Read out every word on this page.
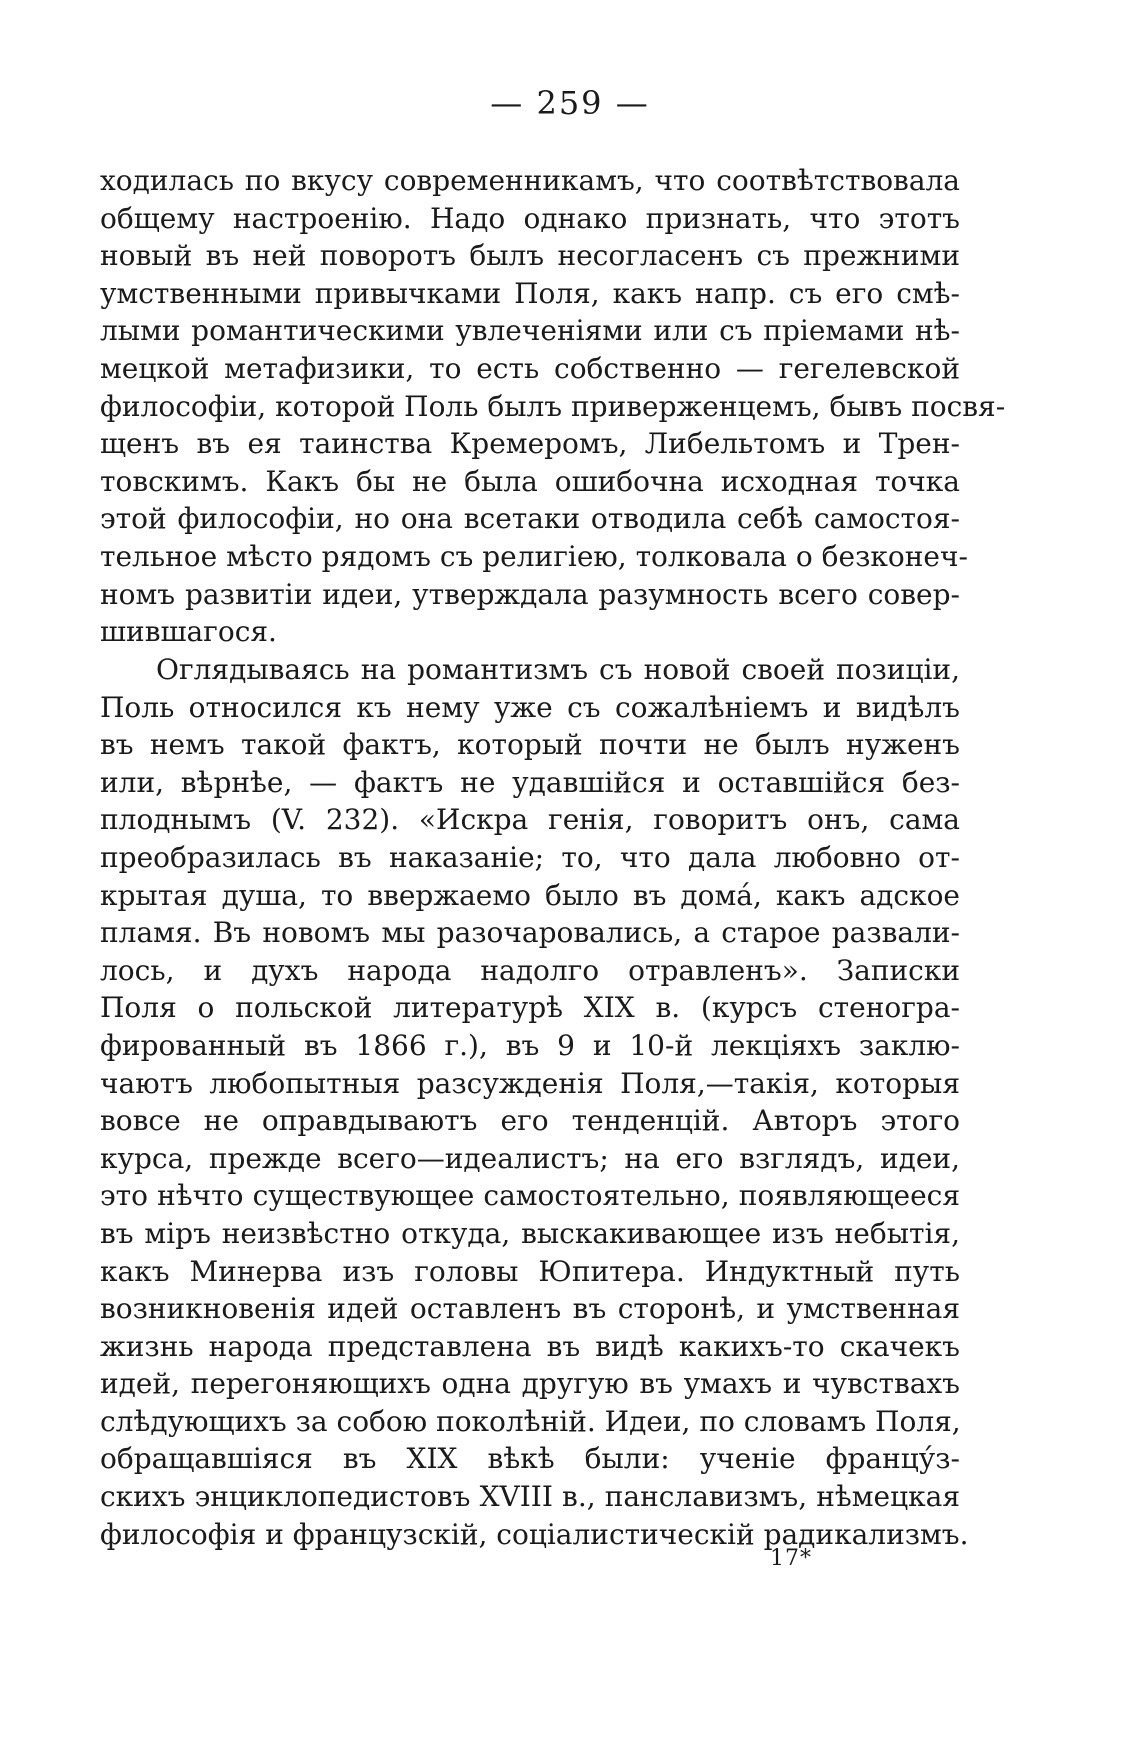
— 259 —
ходилась по вкусу современникамъ, что соотвѣтствовала
общему настроенію. Надо однако признать, что этотъ
новый въ ней поворотъ былъ несогласенъ съ прежними
умственными привычками Поля, какъ напр. съ его смѣ-
лыми романтическими увлеченіями или съ пріемами нѣ-
мецкой метафизики, то есть собственно — гегелевской
философіи, которой Поль былъ приверженцемъ, бывъ посвя-
щенъ въ ея таинства Кремеромъ, Либельтомъ и Трен-
товскимъ. Какъ бы не была ошибочна исходная точка
этой философіи, но она всетаки отводила себѣ самостоя-
тельное мѣсто рядомъ съ религіею, толковала о безконеч-
номъ развитіи идеи, утверждала разумность всего совер-
шившагося.
Оглядываясь на романтизмъ съ новой своей позиціи,
Поль относился къ нему уже съ сожалѣніемъ и видѣлъ
въ немъ такой фактъ, который почти не былъ нуженъ
или, вѣрнѣе, — фактъ не удавшійся и оставшійся без-
плоднымъ (V. 232). «Искра генія, говоритъ онъ, сама
преобразилась въ наказаніе; то, что дала любовно от-
крытая душа, то ввержаемо было въ дома́, какъ адское
пламя. Въ новомъ мы разочаровались, а старое развали-
лось, и духъ народа надолго отравленъ». Записки
Поля о польской литературѣ XIX в. (курсъ стеногра-
фированный въ 1866 г.), въ 9 и 10-й лекціяхъ заклю-
чаютъ любопытныя разсужденія Поля,—такія, которыя
вовсе не оправдываютъ его тенденцій. Авторъ этого
курса, прежде всего—идеалистъ; на его взглядъ, идеи,
это нѣчто существующее самостоятельно, появляющееся
въ міръ неизвѣстно откуда, выскакивающее изъ небытія,
какъ Минерва изъ головы Юпитера. Индуктный путь
возникновенія идей оставленъ въ сторонѣ, и умственная
жизнь народа представлена въ видѣ какихъ-то скачекъ
идей, перегоняющихъ одна другую въ умахъ и чувствахъ
слѣдующихъ за собою поколѣній. Идеи, по словамъ Поля,
обращавшіяся въ XIX вѣкѣ были: ученіе францу́з-
скихъ энциклопедистовъ XVIII в., панславизмъ, нѣмецкая
философія и французскій, соціалистическій радикализмъ.
17*
